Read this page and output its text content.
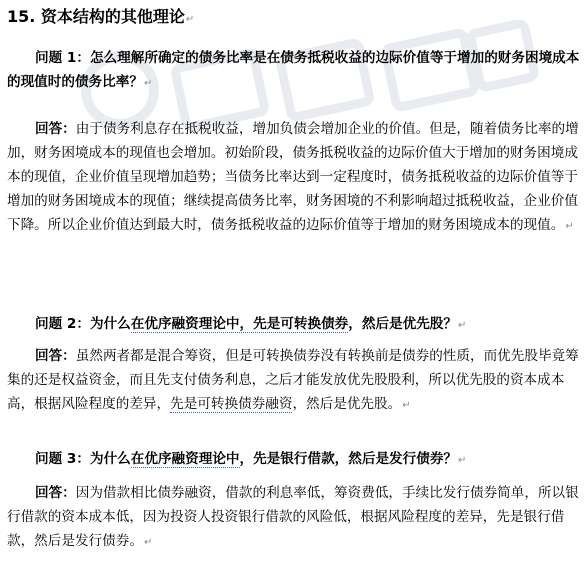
15. 资本结构的其他理论↵
问题 1：怎么理解所确定的债务比率是在债务抵税收益的边际价值等于增加的财务困境成本的现值时的债务比率？↵
回答：由于债务利息存在抵税收益，增加负债会增加企业的价值。但是，随着债务比率的增加，财务困境成本的现值也会增加。初始阶段，债务抵税收益的边际价值大于增加的财务困境成本的现值，企业价值呈现增加趋势；当债务比率达到一定程度时，债务抵税收益的边际价值等于增加的财务困境成本的现值；继续提高债务比率，财务困境的不利影响超过抵税收益，企业价值下降。所以企业价值达到最大时，债务抵税收益的边际价值等于增加的财务困境成本的现值。↵
问题 2：为什么在优序融资理论中，先是可转换债券，然后是优先股？↵
回答：虽然两者都是混合筹资，但是可转换债券没有转换前是债券的性质，而优先股毕竟筹集的还是权益资金，而且先支付债务利息，之后才能发放优先股股利，所以优先股的资本成本高，根据风险程度的差异，先是可转换债券融资，然后是优先股。↵
问题 3：为什么在优序融资理论中，先是银行借款，然后是发行债券？↵
回答：因为借款相比债券融资，借款的利息率低，筹资费低，手续比发行债券简单，所以银行借款的资本成本低，因为投资人投资银行借款的风险低，根据风险程度的差异，先是银行借款，然后是发行债券。↵
